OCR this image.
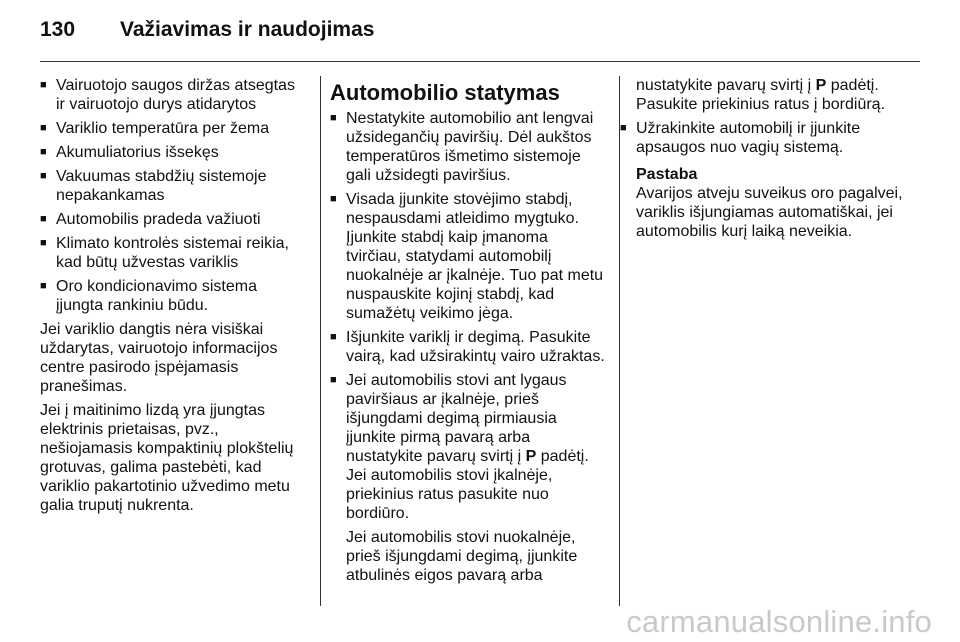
130 Važiavimas ir naudojimas
■ Vairuotojo saugos diržas atsegtas ir vairuotojo durys atidarytos
■ Variklio temperatūra per žema
■ Akumuliatorius išsekęs
■ Vakuumas stabdžių sistemoje nepakankamas
■ Automobilis pradeda važiuoti
■ Klimato kontrolės sistemai reikia, kad būtų užvestas variklis
■ Oro kondicionavimo sistema įjungta rankiniu būdu.

Jei variklio dangtis nėra visiškai uždarytas, vairuotojo informacijos centre pasirodo įspėjamasis pranešimas.

Jei į maitinimo lizdą yra įjungtas elektrinis prietaisas, pvz., nešiojamasis kompaktinių plokštelių grotuvas, galima pastebėti, kad variklio pakartotinio užvedimo metu galia truputį nukrenta.

Automobilio statymas
■ Nestatykite automobilio ant lengvai užsidegančių paviršių. Dėl aukštos temperatūros išmetimo sistemoje gali užsidegti paviršius.
■ Visada įjunkite stovėjimo stabdį, nespausdami atleidimo mygtuko. Įjunkite stabdį kaip įmanoma tvirčiau, statydami automobilį nuokalnėje ar įkalnėje. Tuo pat metu nuspauskite kojinį stabdį, kad sumažėtų veikimo jėga.
■ Išjunkite variklį ir degimą. Pasukite vairą, kad užsirakintų vairo užraktas.
■ Jei automobilis stovi ant lygaus paviršiaus ar įkalnėje, prieš išjungdami degimą pirmiausia įjunkite pirmą pavarą arba nustatykite pavarų svirtį į P padėtį. Jei automobilis stovi įkalnėje, priekinius ratus pasukite nuo bordiūro.

Jei automobilis stovi nuokalnėje, prieš išjungdami degimą, įjunkite atbulinės eigos pavarą arba

nustatykite pavarų svirtį į P padėtį. Pasukite priekinius ratus į bordiūrą.

■ Užrakinkite automobilį ir įjunkite apsaugos nuo vagių sistemą.

Pastaba

Avarijos atveju suveikus oro pagalvei, variklis išjungiamas automatiškai, jei automobilis kurį laiką neveikia.

carmanualsonline.info
